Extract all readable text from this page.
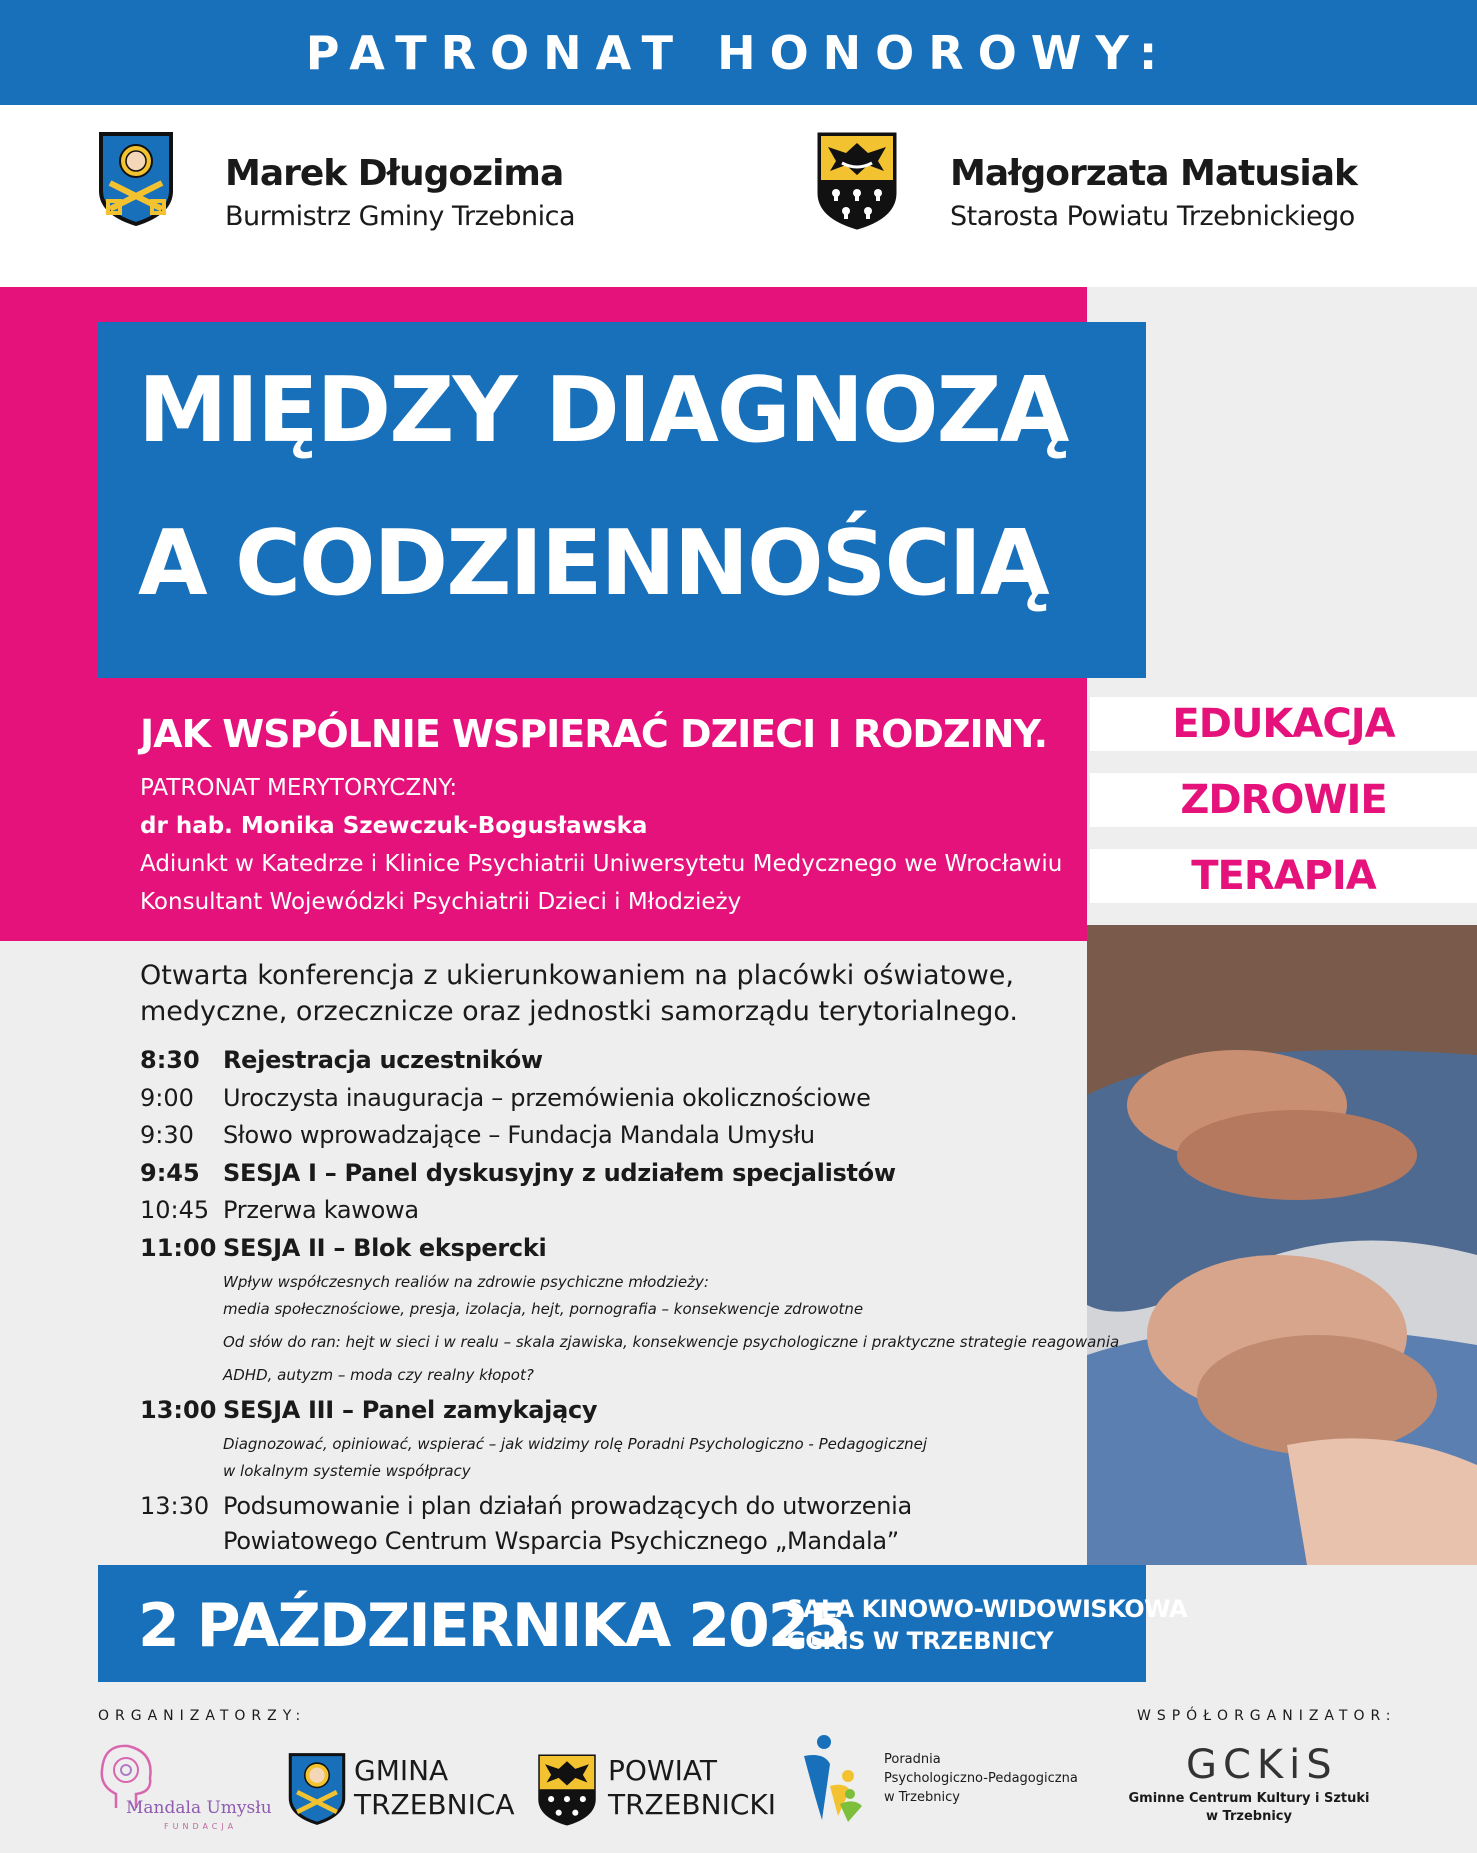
PATRONAT HONOROWY:
Marek Długozima
Burmistrz Gminy Trzebnica
Małgorzata Matusiak
Starosta Powiatu Trzebnickiego
MIĘDZY DIAGNOZĄ
A CODZIENNOŚCIĄ
JAK WSPÓLNIE WSPIERAĆ DZIECI I RODZINY.
PATRONAT MERYTORYCZNY:
dr hab. Monika Szewczuk-Bogusławska
Adiunkt w Katedrze i Klinice Psychiatrii Uniwersytetu Medycznego we Wrocławiu
Konsultant Wojewódzki Psychiatrii Dzieci i Młodzieży
EDUKACJA
ZDROWIE
TERAPIA
Otwarta konferencja z ukierunkowaniem na placówki oświatowe,
medyczne, orzecznicze oraz jednostki samorządu terytorialnego.
8:30 Rejestracja uczestników
9:00 Uroczysta inauguracja – przemówienia okolicznościowe
9:30 Słowo wprowadzające – Fundacja Mandala Umysłu
9:45 SESJA I – Panel dyskusyjny z udziałem specjalistów
10:45 Przerwa kawowa
11:00 SESJA II – Blok ekspercki
Wpływ współczesnych realiów na zdrowie psychiczne młodzieży:
media społecznościowe, presja, izolacja, hejt, pornografia – konsekwencje zdrowotne
Od słów do ran: hejt w sieci i w realu – skala zjawiska, konsekwencje psychologiczne i praktyczne strategie reagowania
ADHD, autyzm – moda czy realny kłopot?
13:00 SESJA III – Panel zamykający
Diagnozować, opiniować, wspierać – jak widzimy rolę Poradni Psychologiczno - Pedagogicznej
w lokalnym systemie współpracy
13:30 Podsumowanie i plan działań prowadzących do utworzenia
Powiatowego Centrum Wsparcia Psychicznego „Mandala”
2 PAŹDZIERNIKA 2025
SALA KINOWO-WIDOWISKOWA
GCKiS W TRZEBNICY
ORGANIZATORZY:	WSPÓŁORGANIZATOR:
Mandala Umysłu
FUNDACJA
GMINA
TRZEBNICA
POWIAT
TRZEBNICKI
Poradnia
Psychologiczno-Pedagogiczna
w Trzebnicy
GCKiS
Gminne Centrum Kultury i Sztuki
w Trzebnicy
